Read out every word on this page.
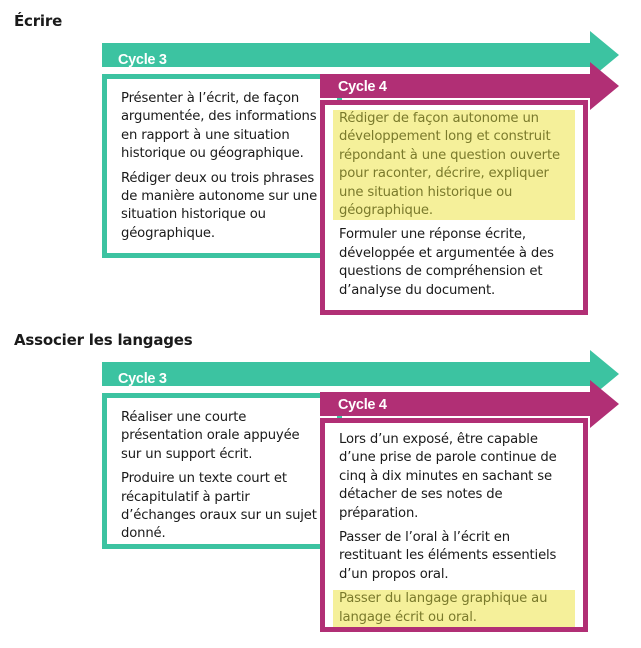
Écrire
Cycle 3

Présenter à l’écrit, de façon argumentée, des informations en rapport à une situation historique ou géographique.

Rédiger deux ou trois phrases de manière autonome sur une situation historique ou géographique.

Cycle 4

Rédiger de façon autonome un développement long et construit répondant à une question ouverte pour raconter, décrire, expliquer une situation historique ou géographique.

Formuler une réponse écrite, développée et argumentée à des questions de compréhension et d’analyse du document.

Associer les langages
Cycle 3

Réaliser une courte présentation orale appuyée sur un support écrit.

Produire un texte court et récapitulatif à partir d’échanges oraux sur un sujet donné.

Cycle 4

Lors d’un exposé, être capable d’une prise de parole continue de cinq à dix minutes en sachant se détacher de ses notes de préparation.

Passer de l’oral à l’écrit en restituant les éléments essentiels d’un propos oral.

Passer du langage graphique au langage écrit ou oral.
